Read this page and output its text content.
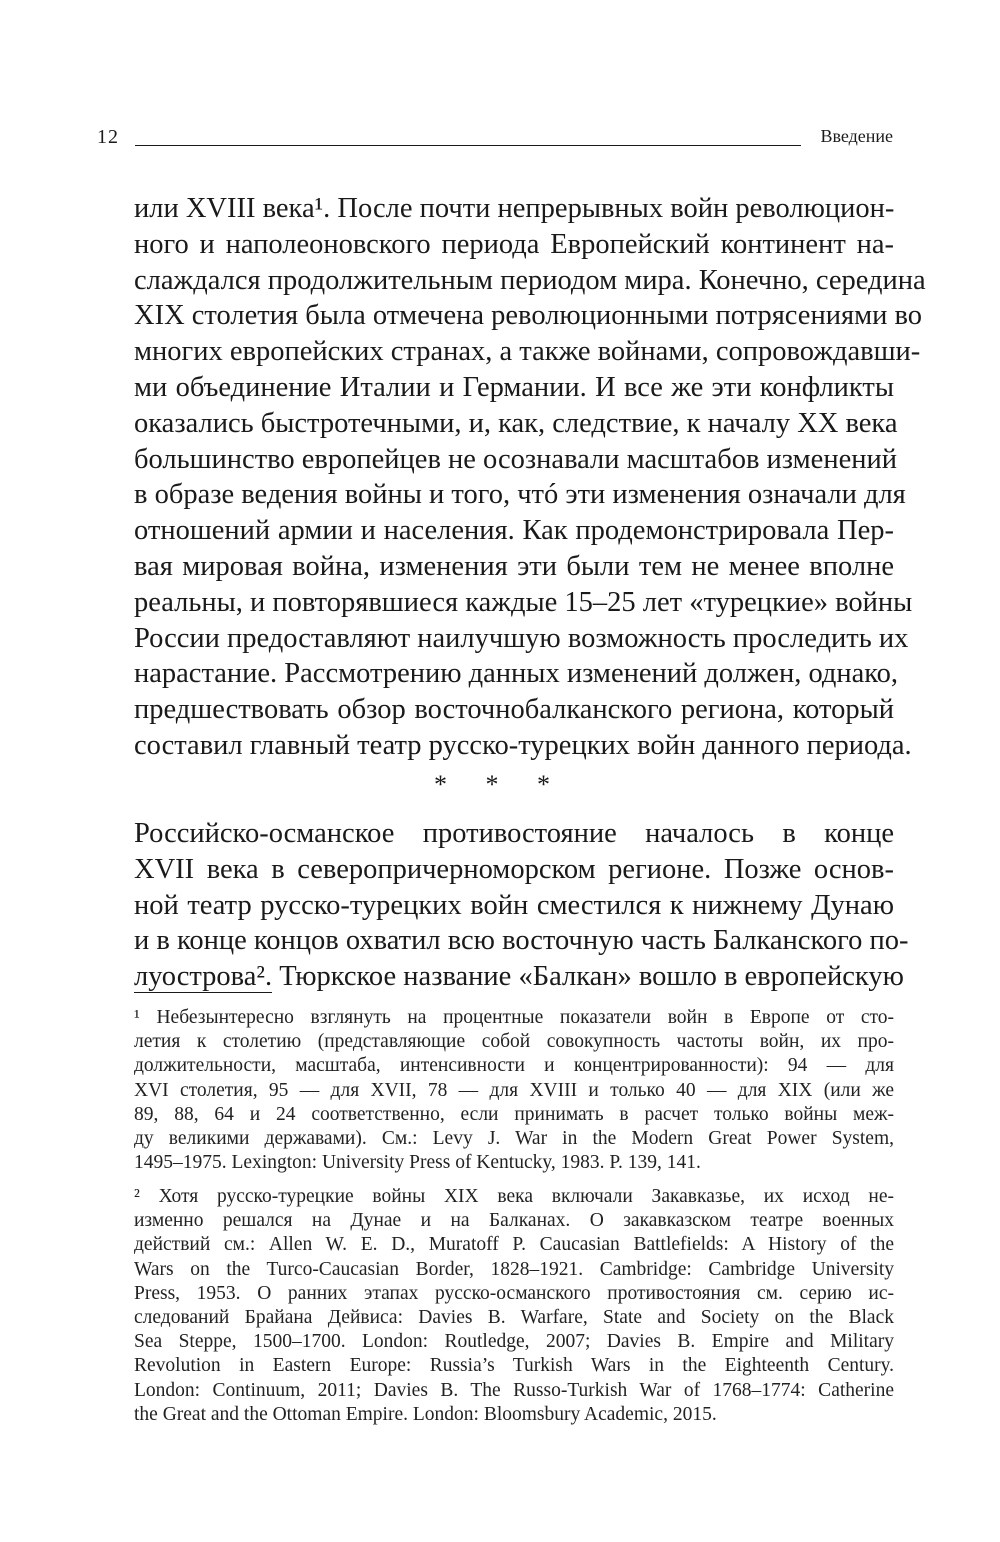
12	Введение
или XVIII века¹. После почти непрерывных войн революцион-
ного и наполеоновского периода Европейский континент на-
слаждался продолжительным периодом мира. Конечно, середина
XIX столетия была отмечена революционными потрясениями во
многих европейских странах, а также войнами, сопровождавши-
ми объединение Италии и Германии. И все же эти конфликты
оказались быстротечными, и, как, следствие, к началу XX века
большинство европейцев не осознавали масштабов изменений
в образе ведения войны и того, чтó эти изменения означали для
отношений армии и населения. Как продемонстрировала Пер-
вая мировая война, изменения эти были тем не менее вполне
реальны, и повторявшиеся каждые 15–25 лет «турецкие» войны
России предоставляют наилучшую возможность проследить их
нарастание. Рассмотрению данных изменений должен, однако,
предшествовать обзор восточнобалканского региона, который
составил главный театр русско-турецких войн данного периода.
* * *
Российско-османское противостояние началось в конце
XVII века в северопричерноморском регионе. Позже основ-
ной театр русско-турецких войн сместился к нижнему Дунаю
и в конце концов охватил всю восточную часть Балканского по-
луострова². Тюркское название «Балкан» вошло в европейскую
¹ Небезынтересно взглянуть на процентные показатели войн в Европе от сто-
летия к столетию (представляющие собой совокупность частоты войн, их про-
должительности, масштаба, интенсивности и концентрированности): 94 — для
XVI столетия, 95 — для XVII, 78 — для XVIII и только 40 — для XIX (или же
89, 88, 64 и 24 соответственно, если принимать в расчет только войны меж-
ду великими державами). См.: Levy J. War in the Modern Great Power System,
1495–1975. Lexington: University Press of Kentucky, 1983. P. 139, 141.
² Хотя русско-турецкие войны XIX века включали Закавказье, их исход не-
изменно решался на Дунае и на Балканах. О закавказском театре военных
действий см.: Allen W. E. D., Muratoff P. Caucasian Battlefields: A History of the
Wars on the Turco-Caucasian Border, 1828–1921. Cambridge: Cambridge University
Press, 1953. О ранних этапах русско-османского противостояния см. серию ис-
следований Брайана Дейвиса: Davies B. Warfare, State and Society on the Black
Sea Steppe, 1500–1700. London: Routledge, 2007; Davies B. Empire and Military
Revolution in Eastern Europe: Russia’s Turkish Wars in the Eighteenth Century.
London: Continuum, 2011; Davies B. The Russo-Turkish War of 1768–1774: Catherine
the Great and the Ottoman Empire. London: Bloomsbury Academic, 2015.
